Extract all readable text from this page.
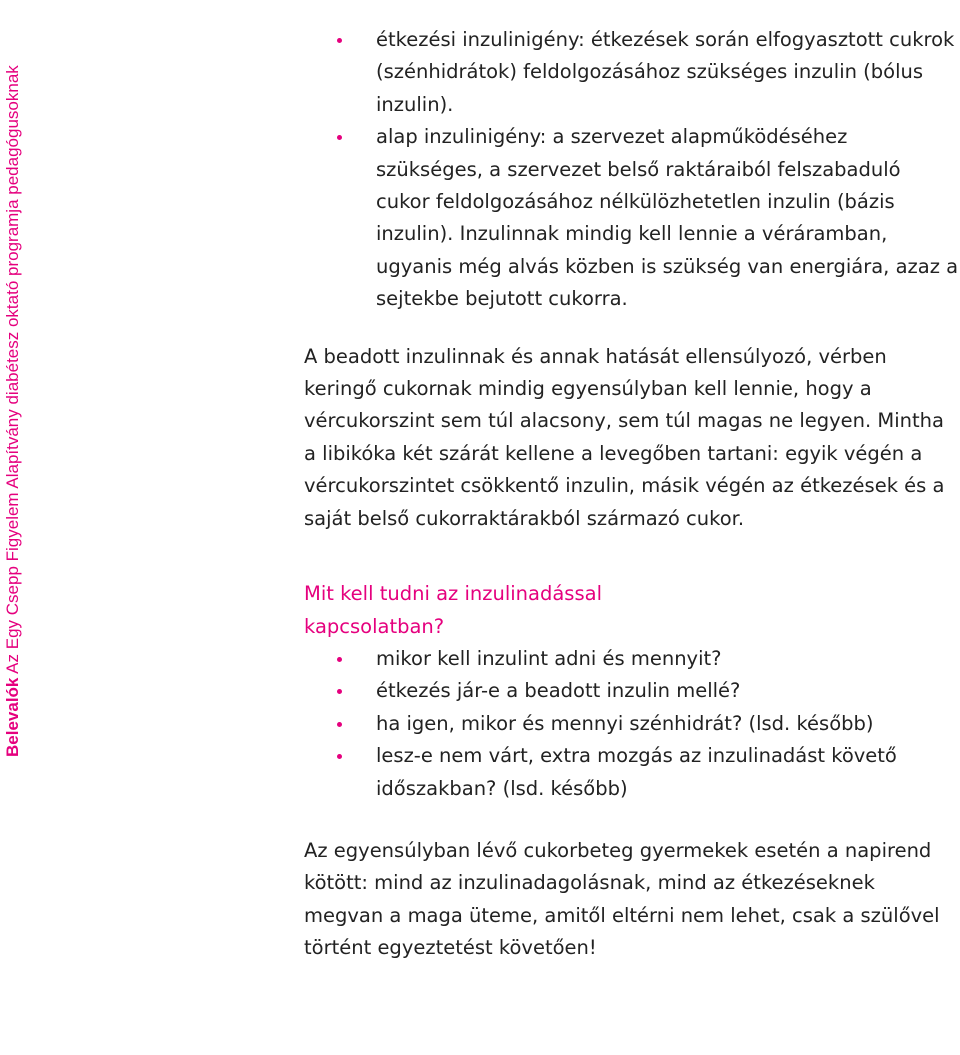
Belevalók Az Egy Csepp Figyelem Alapítvány diabétesz oktató programja pedagógusoknak
étkezési inzulinigény: étkezések során elfogyasztott cukrok (szénhidrátok) feldolgozásához szükséges inzulin (bólus inzulin).
alap inzulinigény: a szervezet alapműködéséhez szükséges, a szervezet belső raktáraiból felszabaduló cukor feldolgozásához nélkülözhetetlen inzulin (bázis inzulin). Inzulinnak mindig kell lennie a véráramban, ugyanis még alvás közben is szükség van energiára, azaz a sejtekbe bejutott cukorra.

A beadott inzulinnak és annak hatását ellensúlyozó, vérben keringő cukornak mindig egyensúlyban kell lennie, hogy a vércukorszint sem túl alacsony, sem túl magas ne legyen. Mintha a libikóka két szárát kellene a levegőben tartani: egyik végén a vércukorszintet csökkentő inzulin, másik végén az étkezések és a saját belső cukorraktárakból származó cukor.

Mit kell tudni az inzulinadással kapcsolatban?
mikor kell inzulint adni és mennyit?
étkezés jár-e a beadott inzulin mellé?
ha igen, mikor és mennyi szénhidrát? (lsd. később)
lesz-e nem várt, extra mozgás az inzulinadást követő időszakban? (lsd. később)

Az egyensúlyban lévő cukorbeteg gyermekek esetén a napirend kötött: mind az inzulinadagolásnak, mind az étkezéseknek megvan a maga üteme, amitől eltérni nem lehet, csak a szülővel történt egyeztetést követően!
